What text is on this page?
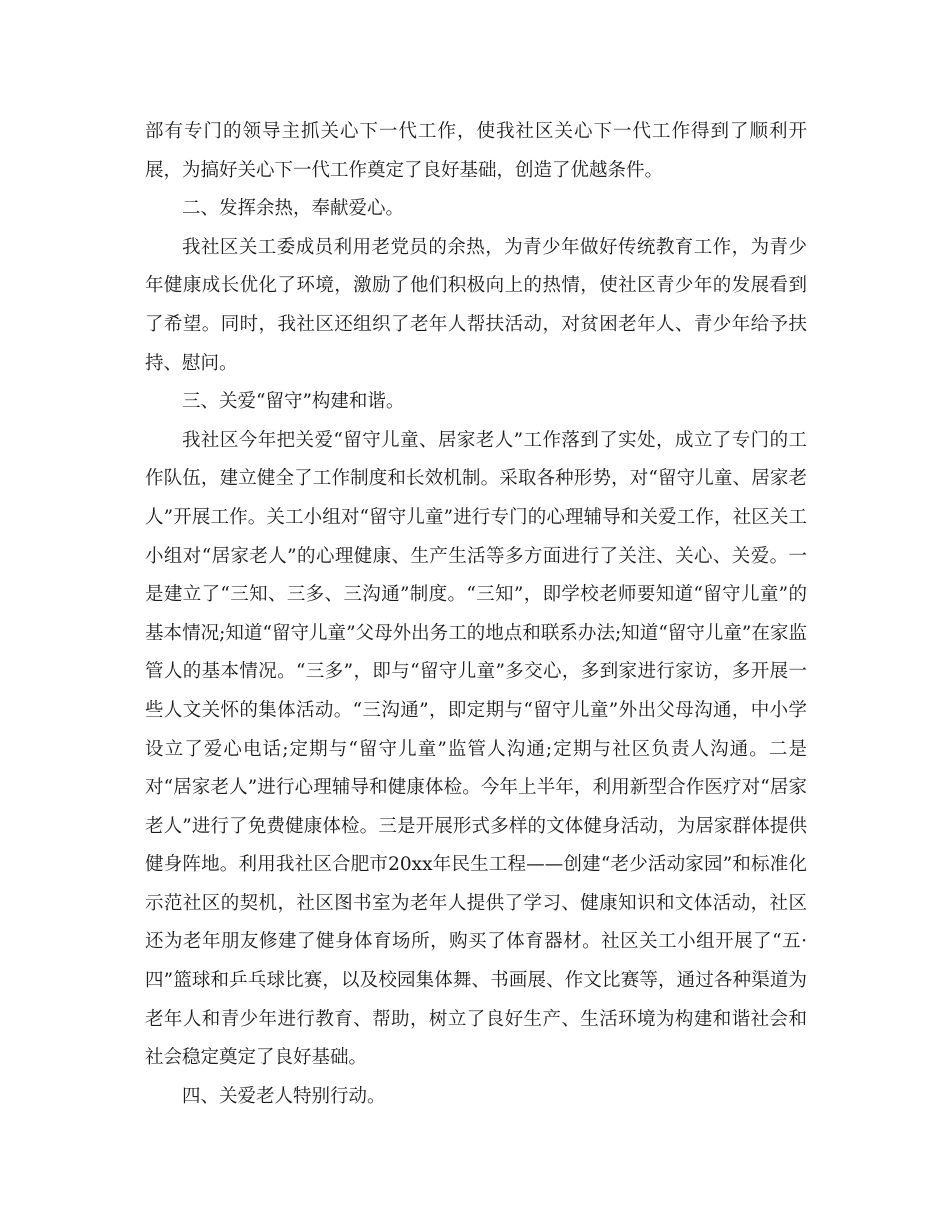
部有专门的领导主抓关心下一代工作，使我社区关心下一代工作得到了顺利开展，为搞好关心下一代工作奠定了良好基础，创造了优越条件。

二、发挥余热，奉献爱心。

我社区关工委成员利用老党员的余热，为青少年做好传统教育工作，为青少年健康成长优化了环境，激励了他们积极向上的热情，使社区青少年的发展看到了希望。同时，我社区还组织了老年人帮扶活动，对贫困老年人、青少年给予扶持、慰问。

三、关爱“留守”构建和谐。

我社区今年把关爱“留守儿童、居家老人”工作落到了实处，成立了专门的工作队伍，建立健全了工作制度和长效机制。采取各种形势，对“留守儿童、居家老人”开展工作。关工小组对“留守儿童”进行专门的心理辅导和关爱工作，社区关工小组对“居家老人”的心理健康、生产生活等多方面进行了关注、关心、关爱。一是建立了“三知、三多、三沟通”制度。“三知”，即学校老师要知道“留守儿童”的基本情况;知道“留守儿童”父母外出务工的地点和联系办法;知道“留守儿童”在家监管人的基本情况。“三多”，即与“留守儿童”多交心，多到家进行家访，多开展一些人文关怀的集体活动。“三沟通”，即定期与“留守儿童”外出父母沟通，中小学设立了爱心电话;定期与“留守儿童”监管人沟通;定期与社区负责人沟通。二是对“居家老人”进行心理辅导和健康体检。今年上半年，利用新型合作医疗对“居家老人”进行了免费健康体检。三是开展形式多样的文体健身活动，为居家群体提供健身阵地。利用我社区合肥市20xx年民生工程——创建“老少活动家园”和标准化示范社区的契机，社区图书室为老年人提供了学习、健康知识和文体活动，社区还为老年朋友修建了健身体育场所，购买了体育器材。社区关工小组开展了“五·四”篮球和乒乓球比赛，以及校园集体舞、书画展、作文比赛等，通过各种渠道为老年人和青少年进行教育、帮助，树立了良好生产、生活环境为构建和谐社会和社会稳定奠定了良好基础。

四、关爱老人特别行动。
